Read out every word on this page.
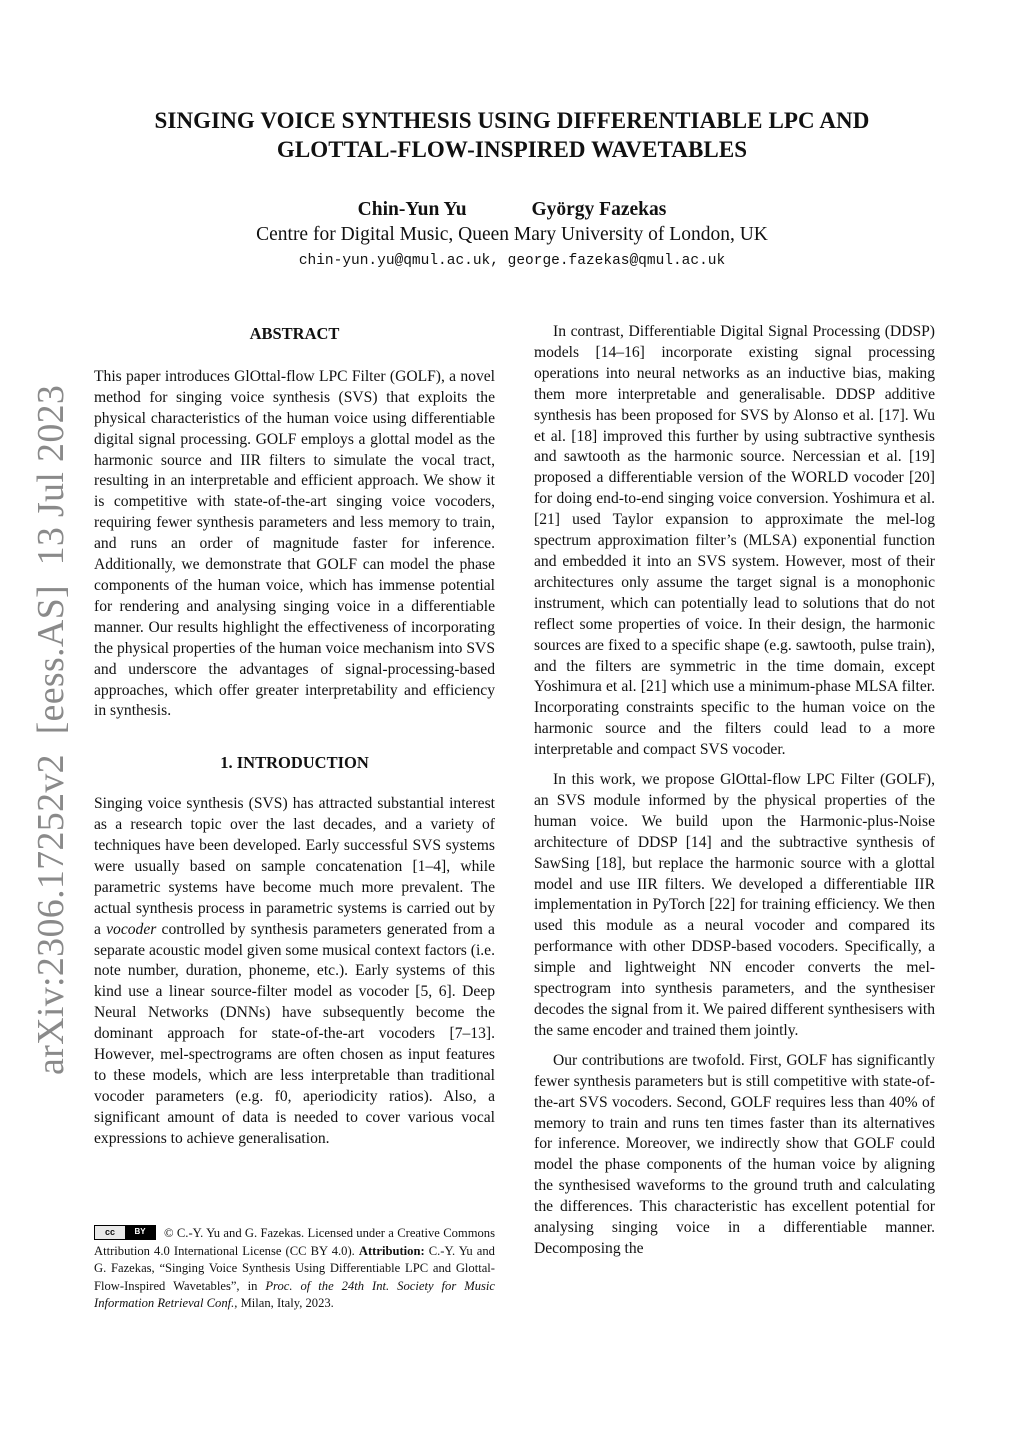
arXiv:2306.17252v2  [eess.AS]  13 Jul 2023
SINGING VOICE SYNTHESIS USING DIFFERENTIABLE LPC AND
GLOTTAL-FLOW-INSPIRED WAVETABLES
Chin-Yun Yu	György Fazekas
Centre for Digital Music, Queen Mary University of London, UK
chin-yun.yu@qmul.ac.uk, george.fazekas@qmul.ac.uk
ABSTRACT

This paper introduces GlOttal-flow LPC Filter (GOLF), a novel method for singing voice synthesis (SVS) that exploits the physical characteristics of the human voice using differentiable digital signal processing. GOLF employs a glottal model as the harmonic source and IIR filters to simulate the vocal tract, resulting in an interpretable and efficient approach. We show it is competitive with state-of-the-art singing voice vocoders, requiring fewer synthesis parameters and less memory to train, and runs an order of magnitude faster for inference. Additionally, we demonstrate that GOLF can model the phase components of the human voice, which has immense potential for rendering and analysing singing voice in a differentiable manner. Our results highlight the effectiveness of incorporating the physical properties of the human voice mechanism into SVS and underscore the advantages of signal-processing-based approaches, which offer greater interpretability and efficiency in synthesis.

1. INTRODUCTION

Singing voice synthesis (SVS) has attracted substantial interest as a research topic over the last decades, and a variety of techniques have been developed. Early successful SVS systems were usually based on sample concatenation [1–4], while parametric systems have become much more prevalent. The actual synthesis process in parametric systems is carried out by a vocoder controlled by synthesis parameters generated from a separate acoustic model given some musical context factors (i.e. note number, duration, phoneme, etc.). Early systems of this kind use a linear source-filter model as vocoder [5, 6]. Deep Neural Networks (DNNs) have subsequently become the dominant approach for state-of-the-art vocoders [7–13]. However, mel-spectrograms are often chosen as input features to these models, which are less interpretable than traditional vocoder parameters (e.g. f0, aperiodicity ratios). Also, a significant amount of data is needed to cover various vocal expressions to achieve generalisation.

cc	BY	© C.-Y. Yu and G. Fazekas. Licensed under a Creative Commons Attribution 4.0 International License (CC BY 4.0). Attribution: C.-Y. Yu and G. Fazekas, “Singing Voice Synthesis Using Differentiable LPC and Glottal-Flow-Inspired Wavetables”, in Proc. of the 24th Int. Society for Music Information Retrieval Conf., Milan, Italy, 2023.

In contrast, Differentiable Digital Signal Processing (DDSP) models [14–16] incorporate existing signal processing operations into neural networks as an inductive bias, making them more interpretable and generalisable. DDSP additive synthesis has been proposed for SVS by Alonso et al. [17]. Wu et al. [18] improved this further by using subtractive synthesis and sawtooth as the harmonic source. Nercessian et al. [19] proposed a differentiable version of the WORLD vocoder [20] for doing end-to-end singing voice conversion. Yoshimura et al. [21] used Taylor expansion to approximate the mel-log spectrum approximation filter’s (MLSA) exponential function and embedded it into an SVS system. However, most of their architectures only assume the target signal is a monophonic instrument, which can potentially lead to solutions that do not reflect some properties of voice. In their design, the harmonic sources are fixed to a specific shape (e.g. sawtooth, pulse train), and the filters are symmetric in the time domain, except Yoshimura et al. [21] which use a minimum-phase MLSA filter. Incorporating constraints specific to the human voice on the harmonic source and the filters could lead to a more interpretable and compact SVS vocoder.

In this work, we propose GlOttal-flow LPC Filter (GOLF), an SVS module informed by the physical properties of the human voice. We build upon the Harmonic-plus-Noise architecture of DDSP [14] and the subtractive synthesis of SawSing [18], but replace the harmonic source with a glottal model and use IIR filters. We developed a differentiable IIR implementation in PyTorch [22] for training efficiency. We then used this module as a neural vocoder and compared its performance with other DDSP-based vocoders. Specifically, a simple and lightweight NN encoder converts the mel-spectrogram into synthesis parameters, and the synthesiser decodes the signal from it. We paired different synthesisers with the same encoder and trained them jointly.

Our contributions are twofold. First, GOLF has significantly fewer synthesis parameters but is still competitive with state-of-the-art SVS vocoders. Second, GOLF requires less than 40% of memory to train and runs ten times faster than its alternatives for inference. Moreover, we indirectly show that GOLF could model the phase components of the human voice by aligning the synthesised waveforms to the ground truth and calculating the differences. This characteristic has excellent potential for analysing singing voice in a differentiable manner. Decomposing the
